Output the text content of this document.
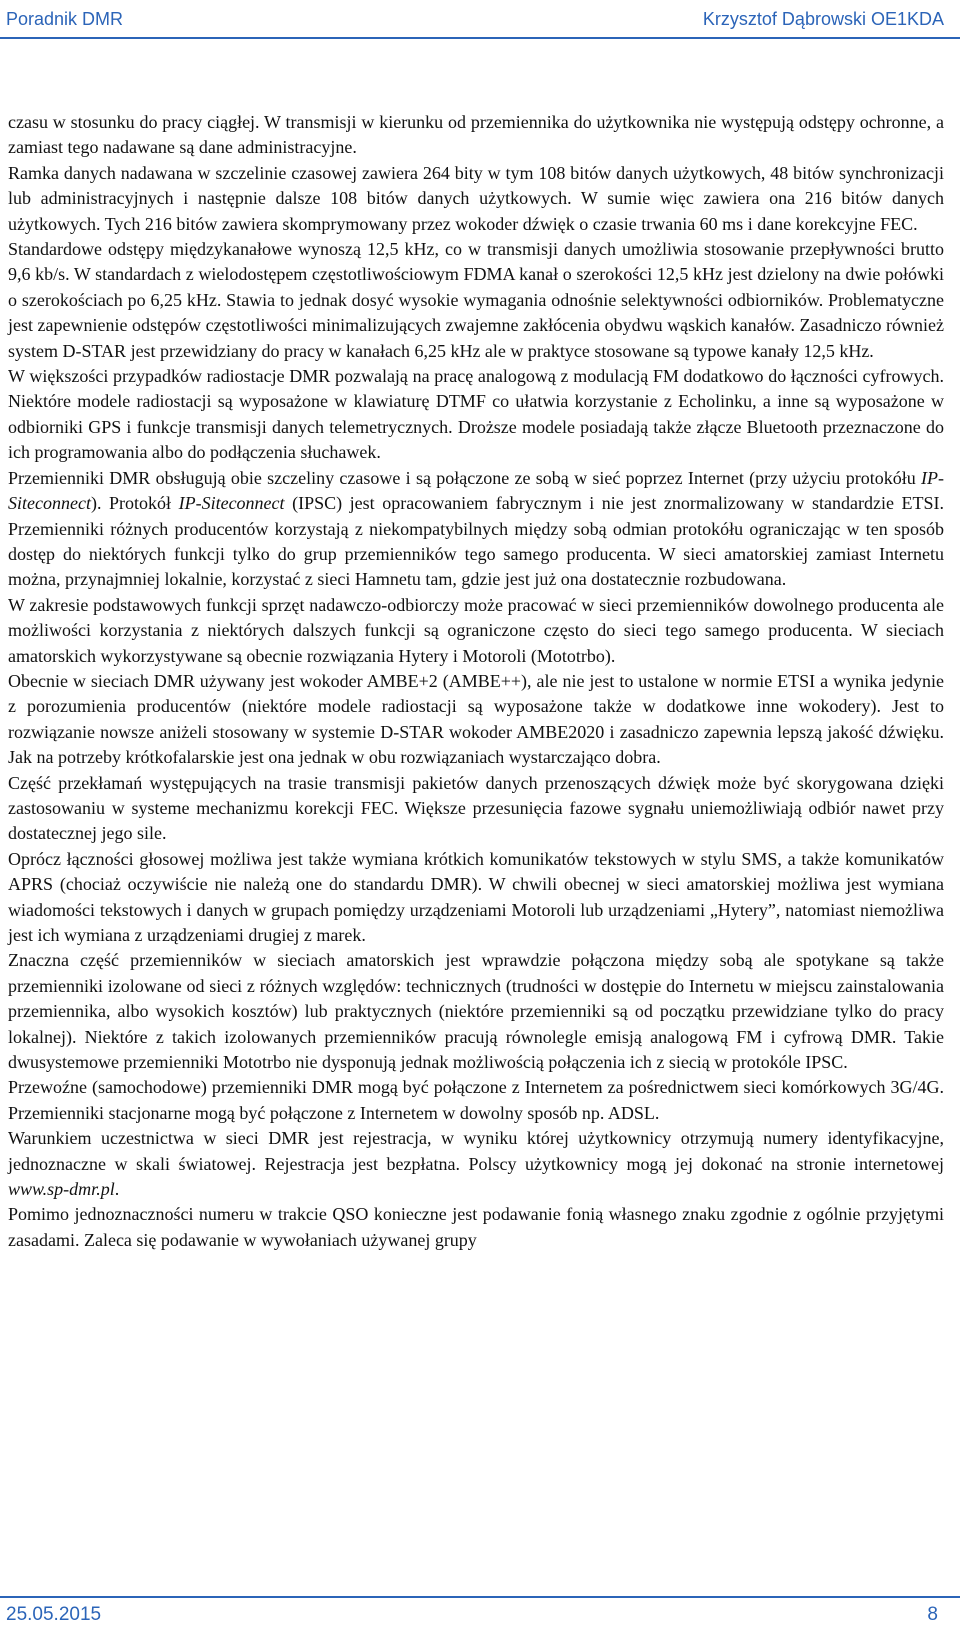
Poradnik DMR	Krzysztof Dąbrowski OE1KDA

czasu w stosunku do pracy ciągłej. W transmisji w kierunku od przemiennika do użytkownika nie występują odstępy ochronne, a zamiast tego nadawane są dane administracyjne.

Ramka danych nadawana w szczelinie czasowej zawiera 264 bity w tym 108 bitów danych użytkowych, 48 bitów synchronizacji lub administracyjnych i następnie dalsze 108 bitów danych użytkowych. W sumie więc zawiera ona 216 bitów danych użytkowych. Tych 216 bitów zawiera skomprymowany przez wokoder dźwięk o czasie trwania 60 ms i dane korekcyjne FEC.

Standardowe odstępy międzykanałowe wynoszą 12,5 kHz, co w transmisji danych umożliwia stosowanie przepływności brutto 9,6 kb/s. W standardach z wielodostępem częstotliwościowym FDMA kanał o szerokości 12,5 kHz jest dzielony na dwie połówki o szerokościach po 6,25 kHz. Stawia to jednak dosyć wysokie wymagania odnośnie selektywności odbiorników. Problematyczne jest zapewnienie odstępów częstotliwości minimalizujących zwajemne zakłócenia obydwu wąskich kanałów. Zasadniczo również system D-STAR jest przewidziany do pracy w kanałach 6,25 kHz ale w praktyce stosowane są typowe kanały 12,5 kHz.

W większości przypadków radiostacje DMR pozwalają na pracę analogową z modulacją FM dodatkowo do łączności cyfrowych. Niektóre modele radiostacji są wyposażone w klawiaturę DTMF co ułatwia korzystanie z Echolinku, a inne są wyposażone w odbiorniki GPS i funkcje transmisji danych telemetrycznych. Droższe modele posiadają także złącze Bluetooth przeznaczone do ich programowania albo do podłączenia słuchawek.

Przemienniki DMR obsługują obie szczeliny czasowe i są połączone ze sobą w sieć poprzez Internet (przy użyciu protokółu IP-Siteconnect). Protokół IP-Siteconnect (IPSC) jest opracowaniem fabrycznym i nie jest znormalizowany w standardzie ETSI. Przemienniki różnych producentów korzystają z niekompatybilnych między sobą odmian protokółu ograniczając w ten sposób dostęp do niektórych funkcji tylko do grup przemienników tego samego producenta. W sieci amatorskiej zamiast Internetu można, przynajmniej lokalnie, korzystać z sieci Hamnetu tam, gdzie jest już ona dostatecznie rozbudowana.

W zakresie podstawowych funkcji sprzęt nadawczo-odbiorczy może pracować w sieci przemienników dowolnego producenta ale możliwości korzystania z niektórych dalszych funkcji są ograniczone często do sieci tego samego producenta. W sieciach amatorskich wykorzystywane są obecnie rozwiązania Hytery i Motoroli (Mototrbo).

Obecnie w sieciach DMR używany jest wokoder AMBE+2 (AMBE++), ale nie jest to ustalone w normie ETSI a wynika jedynie z porozumienia producentów (niektóre modele radiostacji są wyposażone także w dodatkowe inne wokodery). Jest to rozwiązanie nowsze aniżeli stosowany w systemie D-STAR wokoder AMBE2020 i zasadniczo zapewnia lepszą jakość dźwięku. Jak na potrzeby krótkofalarskie jest ona jednak w obu rozwiązaniach wystarczająco dobra.

Część przekłamań występujących na trasie transmisji pakietów danych przenoszących dźwięk może być skorygowana dzięki zastosowaniu w systeme mechanizmu korekcji FEC. Większe przesunięcia fazowe sygnału uniemożliwiają odbiór nawet przy dostatecznej jego sile.

Oprócz łączności głosowej możliwa jest także wymiana krótkich komunikatów tekstowych w stylu SMS, a także komunikatów APRS (chociaż oczywiście nie należą one do standardu DMR). W chwili obecnej w sieci amatorskiej możliwa jest wymiana wiadomości tekstowych i danych w grupach pomiędzy urządzeniami Motoroli lub urządzeniami „Hytery”, natomiast niemożliwa jest ich wymiana z urządzeniami drugiej z marek.

Znaczna część przemienników w sieciach amatorskich jest wprawdzie połączona między sobą ale spotykane są także przemienniki izolowane od sieci z różnych względów: technicznych (trudności w dostępie do Internetu w miejscu zainstalowania przemiennika, albo wysokich kosztów) lub praktycznych (niektóre przemienniki są od początku przewidziane tylko do pracy lokalnej). Niektóre z takich izolowanych przemienników pracują równolegle emisją analogową FM i cyfrową DMR. Takie dwusystemowe przemienniki Mototrbo nie dysponują jednak możliwością połączenia ich z siecią w protokóle IPSC.

Przewoźne (samochodowe) przemienniki DMR mogą być połączone z Internetem za pośrednictwem sieci komórkowych 3G/4G. Przemienniki stacjonarne mogą być połączone z Internetem w dowolny sposób np. ADSL.

Warunkiem uczestnictwa w sieci DMR jest rejestracja, w wyniku której użytkownicy otrzymują numery identyfikacyjne, jednoznaczne w skali światowej. Rejestracja jest bezpłatna. Polscy użytkownicy mogą jej dokonać na stronie internetowej www.sp-dmr.pl.

Pomimo jednoznaczności numeru w trakcie QSO konieczne jest podawanie fonią własnego znaku zgodnie z ogólnie przyjętymi zasadami. Zaleca się podawanie w wywołaniach używanej grupy

25.05.2015	8
